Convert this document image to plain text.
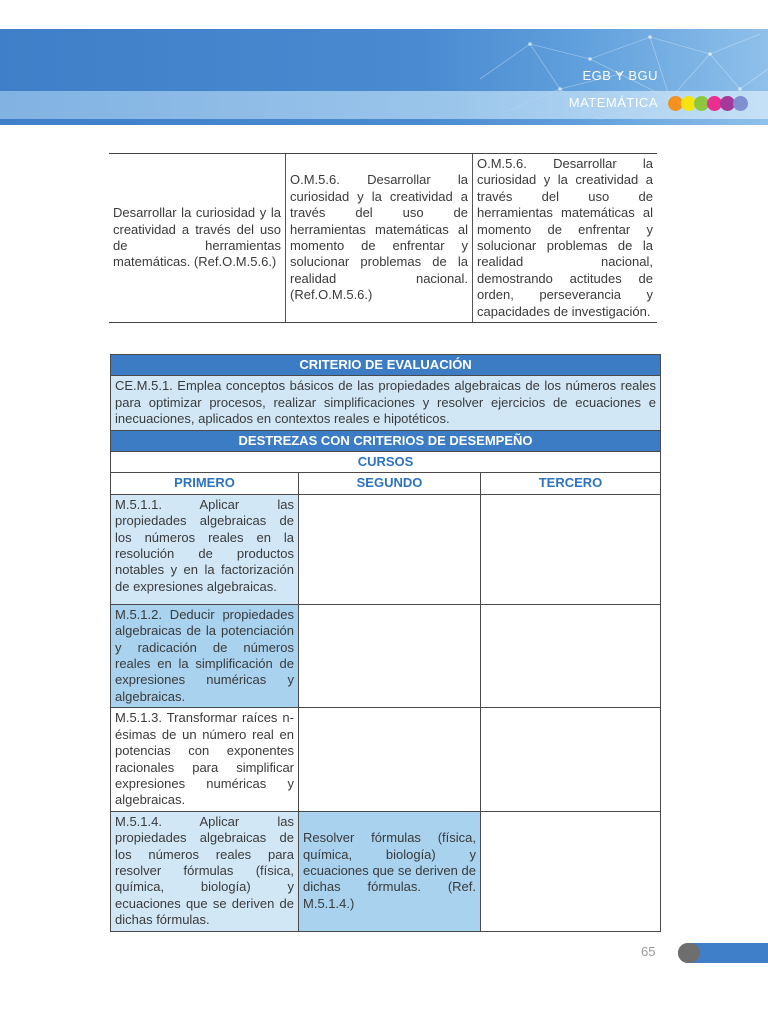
EGB Y BGU
MATEMÁTICA
Desarrollar la curiosidad y la creatividad a través del uso de herramientas matemáticas. (Ref.O.M.5.6.)	O.M.5.6. Desarrollar la curiosidad y la creatividad a través del uso de herramientas matemáticas al momento de enfrentar y solucionar problemas de la realidad nacional. (Ref.O.M.5.6.)	O.M.5.6. Desarrollar la curiosidad y la creatividad a través del uso de herramientas matemáticas al momento de enfrentar y solucionar problemas de la realidad nacional, demostrando actitudes de orden, perseverancia y capacidades de investigación.
CRITERIO DE EVALUACIÓN		
CE.M.5.1. Emplea conceptos básicos de las propiedades algebraicas de los números reales para optimizar procesos, realizar simplificaciones y resolver ejercicios de ecuaciones e inecuaciones, aplicados en contextos reales e hipotéticos.		
DESTREZAS CON CRITERIOS DE DESEMPEÑO		
CURSOS		
PRIMERO	SEGUNDO	TERCERO
M.5.1.1. Aplicar las propiedades algebraicas de los números reales en la resolución de productos notables y en la factorización de expresiones algebraicas.		
M.5.1.2. Deducir propiedades algebraicas de la potenciación y radicación de números reales en la simplificación de expresiones numéricas y algebraicas.		
M.5.1.3. Transformar raíces n-ésimas de un número real en potencias con exponentes racionales para simplificar expresiones numéricas y algebraicas.		
M.5.1.4. Aplicar las propiedades algebraicas de los números reales para resolver fórmulas (física, química, biología) y ecuaciones que se deriven de dichas fórmulas.	Resolver fórmulas (física, química, biología) y ecuaciones que se deriven de dichas fórmulas. (Ref. M.5.1.4.)	
65
